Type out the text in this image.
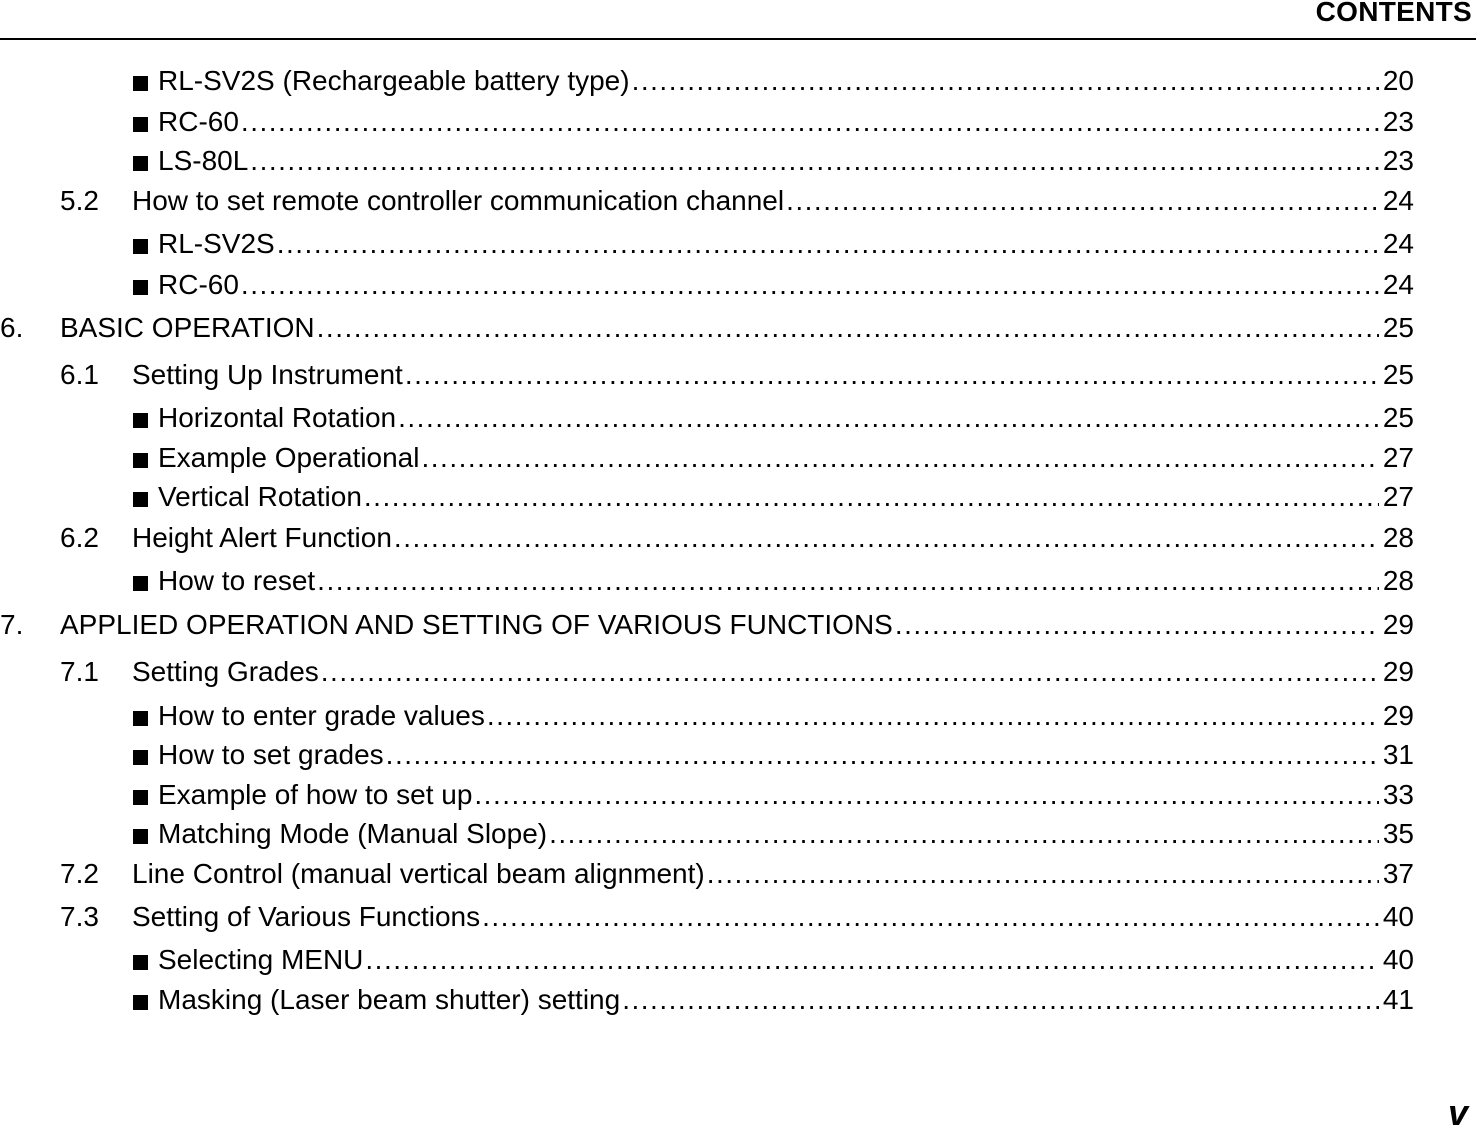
CONTENTS
RL-SV2S (Rechargeable battery type) .....	20
RC-60 .....	23
LS-80L .....	23
5.2	How to set remote controller communication channel .....	24
RL-SV2S .....	24
RC-60 .....	24
6.	BASIC OPERATION .....	25
6.1	Setting Up Instrument .....	25
Horizontal Rotation .....	25
Example Operational .....	27
Vertical Rotation .....	27
6.2	Height Alert Function .....	28
How to reset .....	28
7.	APPLIED OPERATION AND SETTING OF VARIOUS FUNCTIONS .....	29
7.1	Setting Grades .....	29
How to enter grade values .....	29
How to set grades .....	31
Example of how to set up .....	33
Matching Mode (Manual Slope) .....	35
7.2	Line Control (manual vertical beam alignment) .....	37
7.3	Setting of Various Functions .....	40
Selecting MENU .....	40
Masking (Laser beam shutter) setting .....	41
v
